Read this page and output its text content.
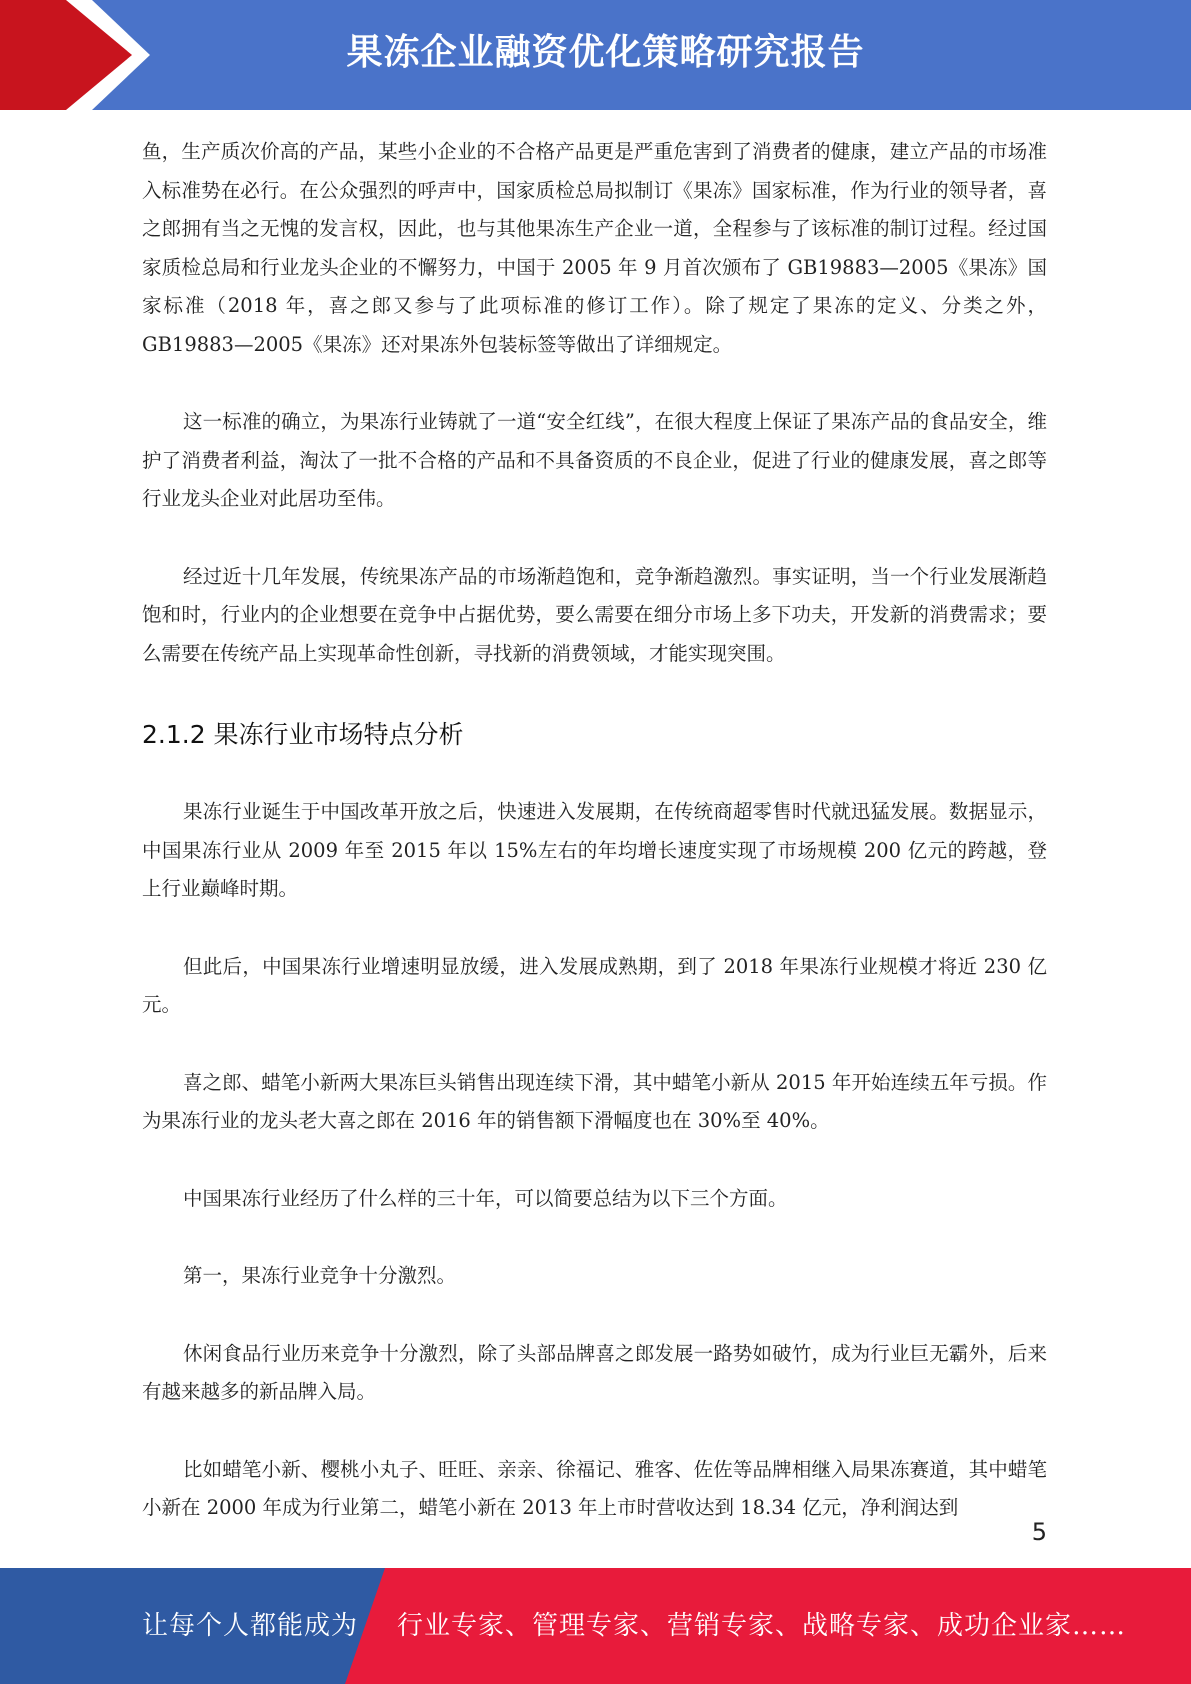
果冻企业融资优化策略研究报告

鱼，生产质次价高的产品，某些小企业的不合格产品更是严重危害到了消费者的健康，建立产品的市场准入标准势在必行。在公众强烈的呼声中，国家质检总局拟制订《果冻》国家标准，作为行业的领导者，喜之郎拥有当之无愧的发言权，因此，也与其他果冻生产企业一道，全程参与了该标准的制订过程。经过国家质检总局和行业龙头企业的不懈努力，中国于 2005 年 9 月首次颁布了 GB19883—2005《果冻》国家标准（2018 年，喜之郎又参与了此项标准的修订工作）。除了规定了果冻的定义、分类之外，GB19883—2005《果冻》还对果冻外包装标签等做出了详细规定。

这一标准的确立，为果冻行业铸就了一道“安全红线”，在很大程度上保证了果冻产品的食品安全，维护了消费者利益，淘汰了一批不合格的产品和不具备资质的不良企业，促进了行业的健康发展，喜之郎等行业龙头企业对此居功至伟。

经过近十几年发展，传统果冻产品的市场渐趋饱和，竞争渐趋激烈。事实证明，当一个行业发展渐趋饱和时，行业内的企业想要在竞争中占据优势，要么需要在细分市场上多下功夫，开发新的消费需求；要么需要在传统产品上实现革命性创新，寻找新的消费领域，才能实现突围。

2.1.2 果冻行业市场特点分析

果冻行业诞生于中国改革开放之后，快速进入发展期，在传统商超零售时代就迅猛发展。数据显示，中国果冻行业从 2009 年至 2015 年以 15%左右的年均增长速度实现了市场规模 200 亿元的跨越，登上行业巅峰时期。

但此后，中国果冻行业增速明显放缓，进入发展成熟期，到了 2018 年果冻行业规模才将近 230 亿元。

喜之郎、蜡笔小新两大果冻巨头销售出现连续下滑，其中蜡笔小新从 2015 年开始连续五年亏损。作为果冻行业的龙头老大喜之郎在 2016 年的销售额下滑幅度也在 30%至 40%。

中国果冻行业经历了什么样的三十年，可以简要总结为以下三个方面。

第一，果冻行业竞争十分激烈。

休闲食品行业历来竞争十分激烈，除了头部品牌喜之郎发展一路势如破竹，成为行业巨无霸外，后来有越来越多的新品牌入局。

比如蜡笔小新、樱桃小丸子、旺旺、亲亲、徐福记、雅客、佐佐等品牌相继入局果冻赛道，其中蜡笔小新在 2000 年成为行业第二，蜡笔小新在 2013 年上市时营收达到 18.34 亿元，净利润达到

5
让每个人都能成为 行业专家、管理专家、营销专家、战略专家、成功企业家……
